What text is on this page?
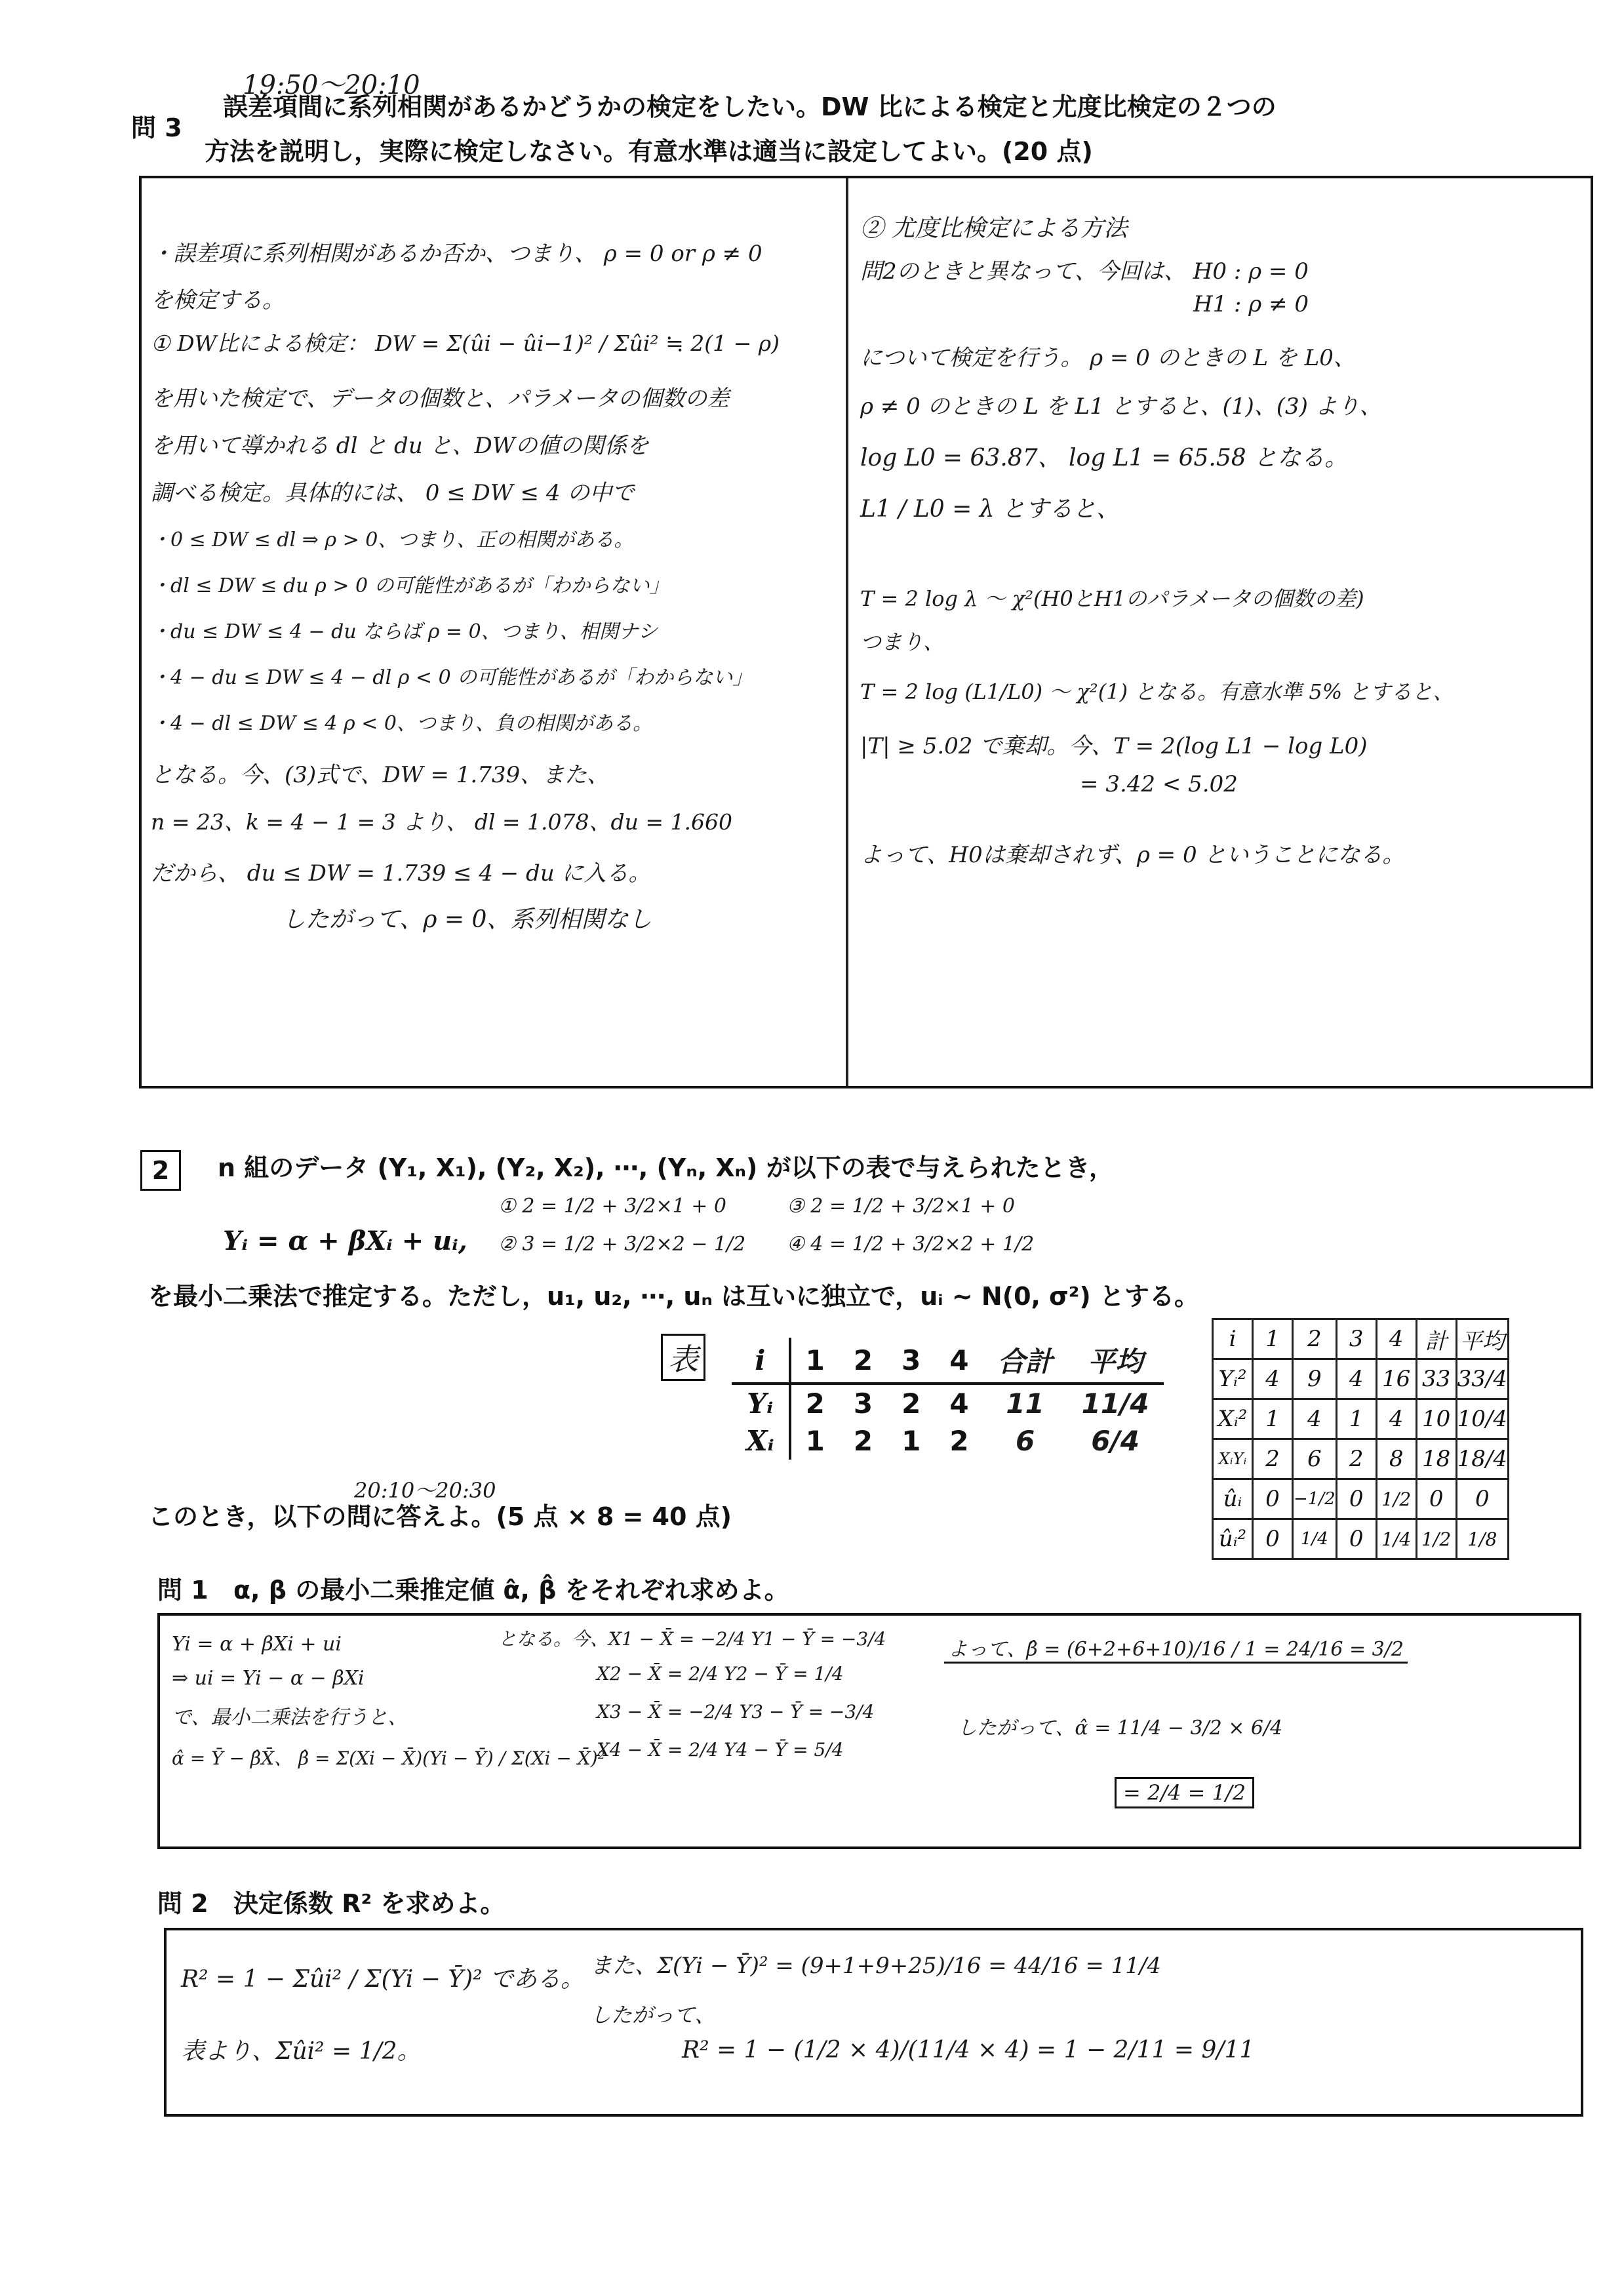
19:50〜20:10
問 3
誤差項間に系列相関があるかどうかの検定をしたい。DW 比による検定と尤度比検定の２つの
方法を説明し，実際に検定しなさい。有意水準は適当に設定してよい。(20 点)
・誤差項に系列相関があるか否か、つまり、 ρ = 0 or ρ ≠ 0
を検定する。
① DW比による検定： DW = Σ(ûi − ûi−1)² / Σûi² ≒ 2(1 − ρ)
を用いた検定で、データの個数と、パラメータの個数の差
を用いて導かれる dl と du と、DWの値の関係を
調べる検定。具体的には、 0 ≤ DW ≤ 4 の中で
・0 ≤ DW ≤ dl ⇒ ρ > 0、つまり、正の相関がある。
・dl ≤ DW ≤ du ρ > 0 の可能性があるが「わからない」
・du ≤ DW ≤ 4 − du ならば ρ = 0、つまり、相関ナシ
・4 − du ≤ DW ≤ 4 − dl ρ < 0 の可能性があるが「わからない」
・4 − dl ≤ DW ≤ 4 ρ < 0、つまり、負の相関がある。
となる。今、(3)式で、DW = 1.739、また、
n = 23、k = 4 − 1 = 3 より、 dl = 1.078、du = 1.660
だから、 du ≤ DW = 1.739 ≤ 4 − du に入る。
したがって、ρ = 0、系列相関なし
② 尤度比検定による方法
問2のときと異なって、今回は、 H0 : ρ = 0
H1 : ρ ≠ 0
について検定を行う。 ρ = 0 のときの L を L0、
ρ ≠ 0 のときの L を L1 とすると、(1)、(3) より、
log L0 = 63.87、 log L1 = 65.58 となる。
L1 / L0 = λ とすると、
T = 2 log λ 〜 χ²(H0とH1のパラメータの個数の差)
つまり、
T = 2 log (L1/L0) 〜 χ²(1) となる。有意水準 5% とすると、
|T| ≥ 5.02 で棄却。今、T = 2(log L1 − log L0)
= 3.42 < 5.02
よって、H0は棄却されず、ρ = 0 ということになる。
2	n 組のデータ (Y₁, X₁), (Y₂, X₂), ⋯, (Yₙ, Xₙ) が以下の表で与えられたとき，
Yᵢ = α + βXᵢ + uᵢ,
① 2 = 1/2 + 3/2×1 + 0
② 3 = 1/2 + 3/2×2 − 1/2
③ 2 = 1/2 + 3/2×1 + 0
④ 4 = 1/2 + 3/2×2 + 1/2
を最小二乗法で推定する。ただし，u₁, u₂, ⋯, uₙ は互いに独立で，uᵢ ~ N(0, σ²) とする。
表 i	1	2	3	4	合計	平均
Yᵢ	2	3	2	4	11	11/4
Xᵢ	1	2	1	2	6	6/4
i	1	2	3	4	計	平均
Yᵢ²	4	9	4	16	33	33/4
Xᵢ²	1	4	1	4	10	10/4
XᵢYᵢ	2	6	2	8	18	18/4
ûᵢ	0	−1/2	0	1/2	0	0
ûᵢ²	0	1/4	0	1/4	1/2	1/8
20:10〜20:30
このとき，以下の問に答えよ。(5 点 × 8 = 40 点)
問 1 α, β の最小二乗推定値 α̂, β̂ をそれぞれ求めよ。
Yi = α + βXi + ui
⇒ ui = Yi − α − βXi
で、最小二乗法を行うと、
α̂ = Ȳ − β̂X̄、 β̂ = Σ(Xi − X̄)(Yi − Ȳ) / Σ(Xi − X̄)²
となる。今、X1 − X̄ = −2/4 Y1 − Ȳ = −3/4
X2 − X̄ = 2/4 Y2 − Ȳ = 1/4
X3 − X̄ = −2/4 Y3 − Ȳ = −3/4
X4 − X̄ = 2/4 Y4 − Ȳ = 5/4
よって、β̂ = (6+2+6+10)/16 / 1 = 24/16 = 3/2
したがって、α̂ = 11/4 − 3/2 × 6/4
= 2/4 = 1/2
問 2 決定係数 R² を求めよ。
R² = 1 − Σûi² / Σ(Yi − Ȳ)² である。
表より、Σûi² = 1/2。
また、Σ(Yi − Ȳ)² = (9+1+9+25)/16 = 44/16 = 11/4
したがって、
R² = 1 − (1/2 × 4)/(11/4 × 4) = 1 − 2/11 = 9/11
